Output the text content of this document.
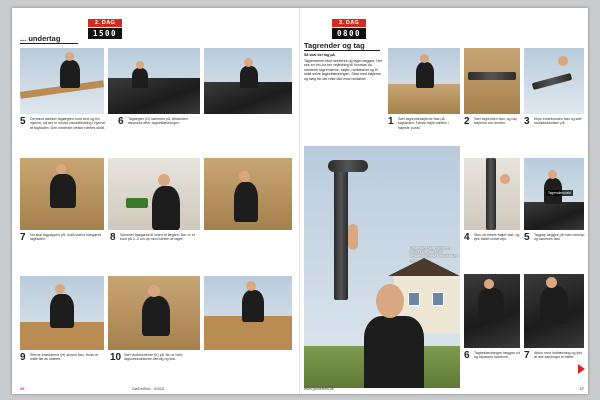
... undertag
2. DAG
1500
5 Dernæst dækker taglægten mod vind og fra hjørnet, så der er ekstra vandafledning i hjørnet af tagfladen. Den nederste række hæftes skråt.
6 Taglægter (G) sømmes på. Afstanden afpasses efter tagbeklædningen.
7 Nu skal tagpappen på. Indtil videre klargøres tagfladen.	8 Sømmet fastgøres til siden af lægten. Der er et kant på 2–3 cm op mod kanten af taget.
9 Sterne-brædderne (H) skrues fast. Husk at måle før du skærer.	10 Sæt vindskederne (K) på. Nu er hele tagkonstruktionen færdig og klar.
26	GørDetSelv · 5/2011
3. DAG
0800
Tagrender og tag

Så skal der tag på.

Tagrenderne skal monteres og taget lægges. Her ses en trin-for-trin vejledning til hvordan du monterer tagrenderne, bøjler, nedløbsrør og til sidst selve tagbeklædningen. Start med bøjlerne og sørg for det rette fald mod nedløbet.

1 Sæt tagrendebøjlerne fast på tagkanten. Første bøjle sættes i højeste punkt.
2 Sæt tagrenden fast, og bøj bøjlerne om renden.	3 Klips endebunden fast og sæt nedløbsstudsen på.
Tagrenden skal monteres med et lille fald mod nedløbsrøret, så vandet løber væk.
Tagrendens fald
4 Skru de første bøjler fast, og tjek faldet undervejs.	5 Tagpap lægges på med overlap og sømmes fast.
6 Tagbeklædningen lægges ud og tilpasses kanterne.	7 Afslut med inddækning og tjek at alle samlinger er tætte.
www.gordetselv.dk	27
